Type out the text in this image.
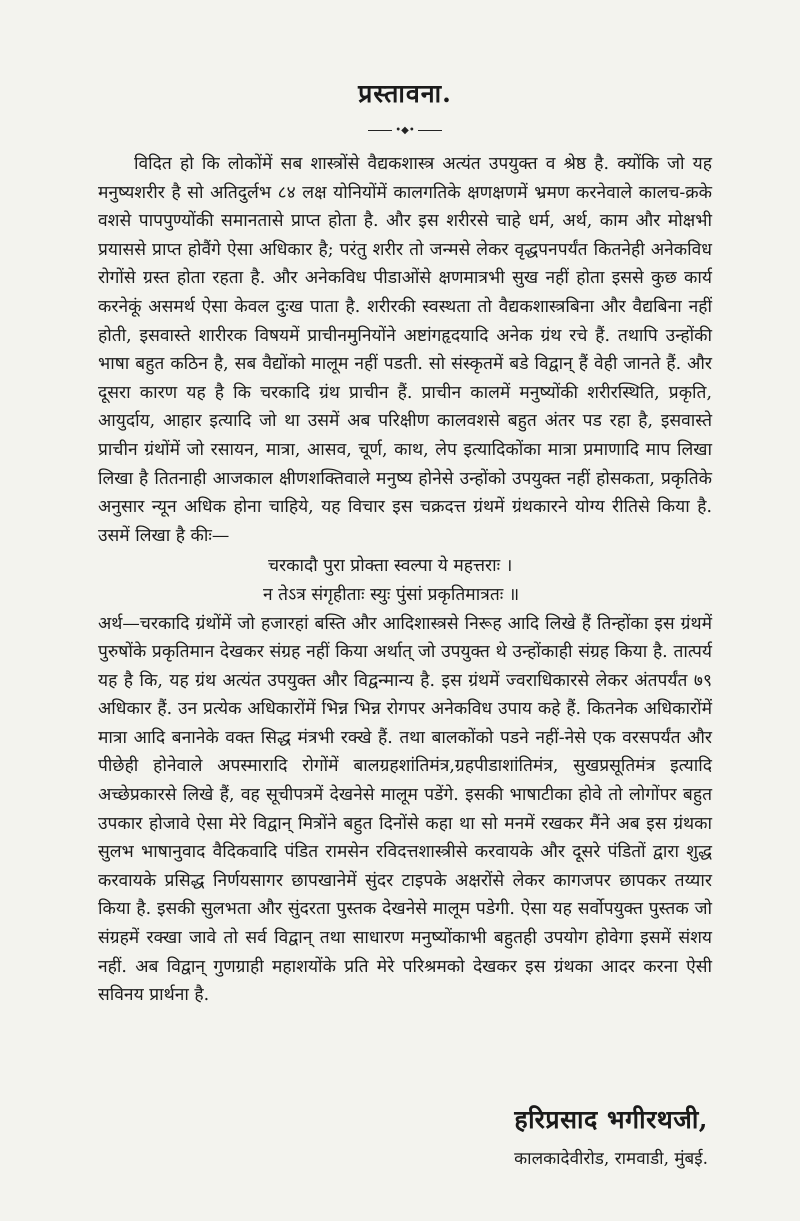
प्रस्तावना.
•◆•

विदित हो कि लोकोंमें सब शास्त्रोंसे वैद्यकशास्त्र अत्यंत उपयुक्त व श्रेष्ठ है. क्योंकि जो यह मनुष्यशरीर है सो अतिदुर्लभ ८४ लक्ष योनियोंमें कालगतिके क्षणक्षणमें भ्रमण करनेवाले कालच-क्रके वशसे पापपुण्योंकी समानतासे प्राप्त होता है. और इस शरीरसे चाहे धर्म, अर्थ, काम और मोक्षभी प्रयाससे प्राप्त होवैंगे ऐसा अधिकार है; परंतु शरीर तो जन्मसे लेकर वृद्धपनपर्यंत कितनेही अनेकविध रोगोंसे ग्रस्त होता रहता है. और अनेकविध पीडाओंसे क्षणमात्रभी सुख नहीं होता इससे कुछ कार्य करनेकूं असमर्थ ऐसा केवल दुःख पाता है. शरीरकी स्वस्थता तो वैद्यकशास्त्रबिना और वैद्यबिना नहीं होती, इसवास्ते शारीरक विषयमें प्राचीनमुनियोंने अष्टांगहृदयादि अनेक ग्रंथ रचे हैं. तथापि उन्होंकी भाषा बहुत कठिन है, सब वैद्योंको मालूम नहीं पडती. सो संस्कृतमें बडे विद्वान् हैं वेही जानते हैं. और दूसरा कारण यह है कि चरकादि ग्रंथ प्राचीन हैं. प्राचीन कालमें मनुष्योंकी शरीरस्थिति, प्रकृति, आयुर्दाय, आहार इत्यादि जो था उसमें अब परिक्षीण कालवशसे बहुत अंतर पड रहा है, इसवास्ते प्राचीन ग्रंथोंमें जो रसायन, मात्रा, आसव, चूर्ण, काथ, लेप इत्यादिकोंका मात्रा प्रमाणादि माप लिखा लिखा है तितनाही आजकाल क्षीणशक्तिवाले मनुष्य होनेसे उन्होंको उपयुक्त नहीं होसकता, प्रकृतिके अनुसार न्यून अधिक होना चाहिये, यह विचार इस चक्रदत्त ग्रंथमें ग्रंथकारने योग्य रीतिसे किया है. उसमें लिखा है कीः—

चरकादौ पुरा प्रोक्ता स्वल्पा ये महत्तराः ।
न तेऽत्र संगृहीताः स्युः पुंसां प्रकृतिमात्रतः ॥

अर्थ—चरकादि ग्रंथोंमें जो हजारहां बस्ति और आदिशास्त्रसे निरूह आदि लिखे हैं तिन्होंका इस ग्रंथमें पुरुषोंके प्रकृतिमान देखकर संग्रह नहीं किया अर्थात् जो उपयुक्त थे उन्होंकाही संग्रह किया है. तात्पर्य यह है कि, यह ग्रंथ अत्यंत उपयुक्त और विद्वन्मान्य है. इस ग्रंथमें ज्वराधिकारसे लेकर अंतपर्यंत ७९ अधिकार हैं. उन प्रत्येक अधिकारोंमें भिन्न भिन्न रोगपर अनेकविध उपाय कहे हैं. कितनेक अधिकारोंमें मात्रा आदि बनानेके वक्त सिद्ध मंत्रभी रक्खे हैं. तथा बालकोंको पडने नहीं-नेसे एक वरसपर्यंत और पीछेही होनेवाले अपस्मारादि रोगोंमें बालग्रहशांतिमंत्र,ग्रहपीडाशांतिमंत्र, सुखप्रसूतिमंत्र इत्यादि अच्छेप्रकारसे लिखे हैं, वह सूचीपत्रमें देखनेसे मालूम पडेंगे. इसकी भाषाटीका होवे तो लोगोंपर बहुत उपकार होजावे ऐसा मेरे विद्वान् मित्रोंने बहुत दिनोंसे कहा था सो मनमें रखकर मैंने अब इस ग्रंथका सुलभ भाषानुवाद वैदिकवादि पंडित रामसेन रविदत्तशास्त्रीसे करवायके और दूसरे पंडितों द्वारा शुद्ध करवायके प्रसिद्ध निर्णयसागर छापखानेमें सुंदर टाइपके अक्षरोंसे लेकर कागजपर छापकर तय्यार किया है. इसकी सुलभता और सुंदरता पुस्तक देखनेसे मालूम पडेगी. ऐसा यह सर्वोपयुक्त पुस्तक जो संग्रहमें रक्खा जावे तो सर्व विद्वान् तथा साधारण मनुष्योंकाभी बहुतही उपयोग होवेगा इसमें संशय नहीं. अब विद्वान् गुणग्राही महाशयोंके प्रति मेरे परिश्रमको देखकर इस ग्रंथका आदर करना ऐसी सविनय प्रार्थना है.

हरिप्रसाद भगीरथजी,
कालकादेवीरोड, रामवाडी, मुंबई.
